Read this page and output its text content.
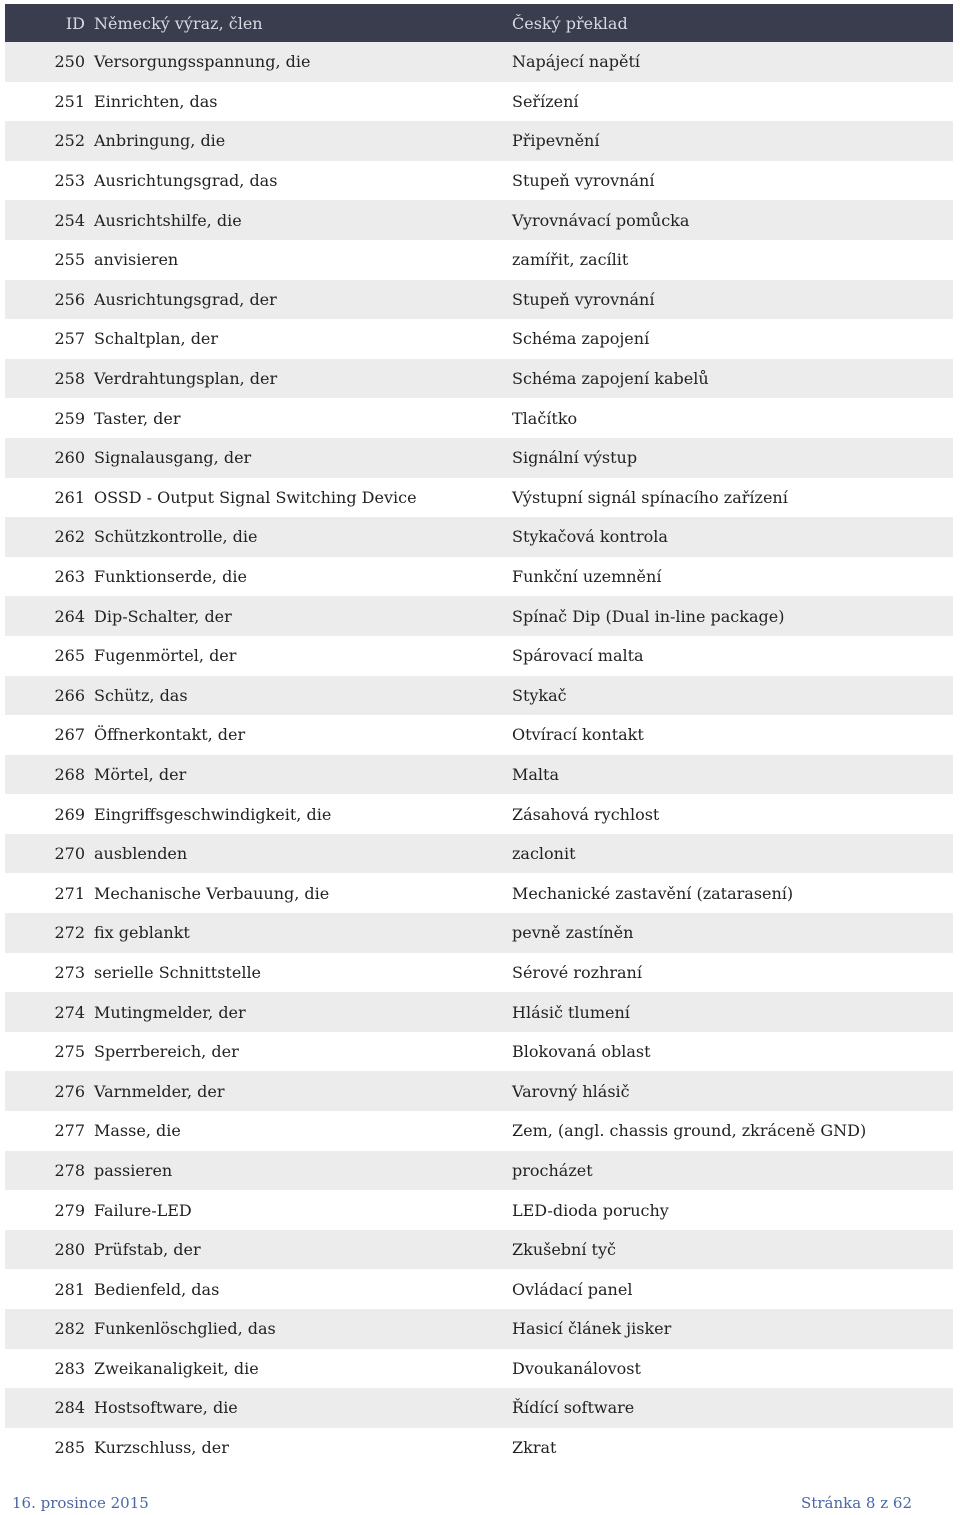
ID Německý výraz, člen	Český překlad
250 Versorgungsspannung, die	Napájecí napětí
251 Einrichten, das	Seřízení
252 Anbringung, die	Připevnění
253 Ausrichtungsgrad, das	Stupeň vyrovnání
254 Ausrichtshilfe, die	Vyrovnávací pomůcka
255 anvisieren	zamířit, zacílit
256 Ausrichtungsgrad, der	Stupeň vyrovnání
257 Schaltplan, der	Schéma zapojení
258 Verdrahtungsplan, der	Schéma zapojení kabelů
259 Taster, der	Tlačítko
260 Signalausgang, der	Signální výstup
261 OSSD - Output Signal Switching Device	Výstupní signál spínacího zařízení
262 Schützkontrolle, die	Stykačová kontrola
263 Funktionserde, die	Funkční uzemnění
264 Dip-Schalter, der	Spínač Dip (Dual in-line package)
265 Fugenmörtel, der	Spárovací malta
266 Schütz, das	Stykač
267 Öffnerkontakt, der	Otvírací kontakt
268 Mörtel, der	Malta
269 Eingriffsgeschwindigkeit, die	Zásahová rychlost
270 ausblenden	zaclonit
271 Mechanische Verbauung, die	Mechanické zastavění (zatarasení)
272 fix geblankt	pevně zastíněn
273 serielle Schnittstelle	Sérové rozhraní
274 Mutingmelder, der	Hlásič tlumení
275 Sperrbereich, der	Blokovaná oblast
276 Varnmelder, der	Varovný hlásič
277 Masse, die	Zem, (angl. chassis ground, zkráceně GND)
278 passieren	procházet
279 Failure-LED	LED-dioda poruchy
280 Prüfstab, der	Zkušební tyč
281 Bedienfeld, das	Ovládací panel
282 Funkenlöschglied, das	Hasicí článek jisker
283 Zweikanaligkeit, die	Dvoukanálovost
284 Hostsoftware, die	Řídící software
285 Kurzschluss, der	Zkrat
16. prosince 2015	Stránka 8 z 62
